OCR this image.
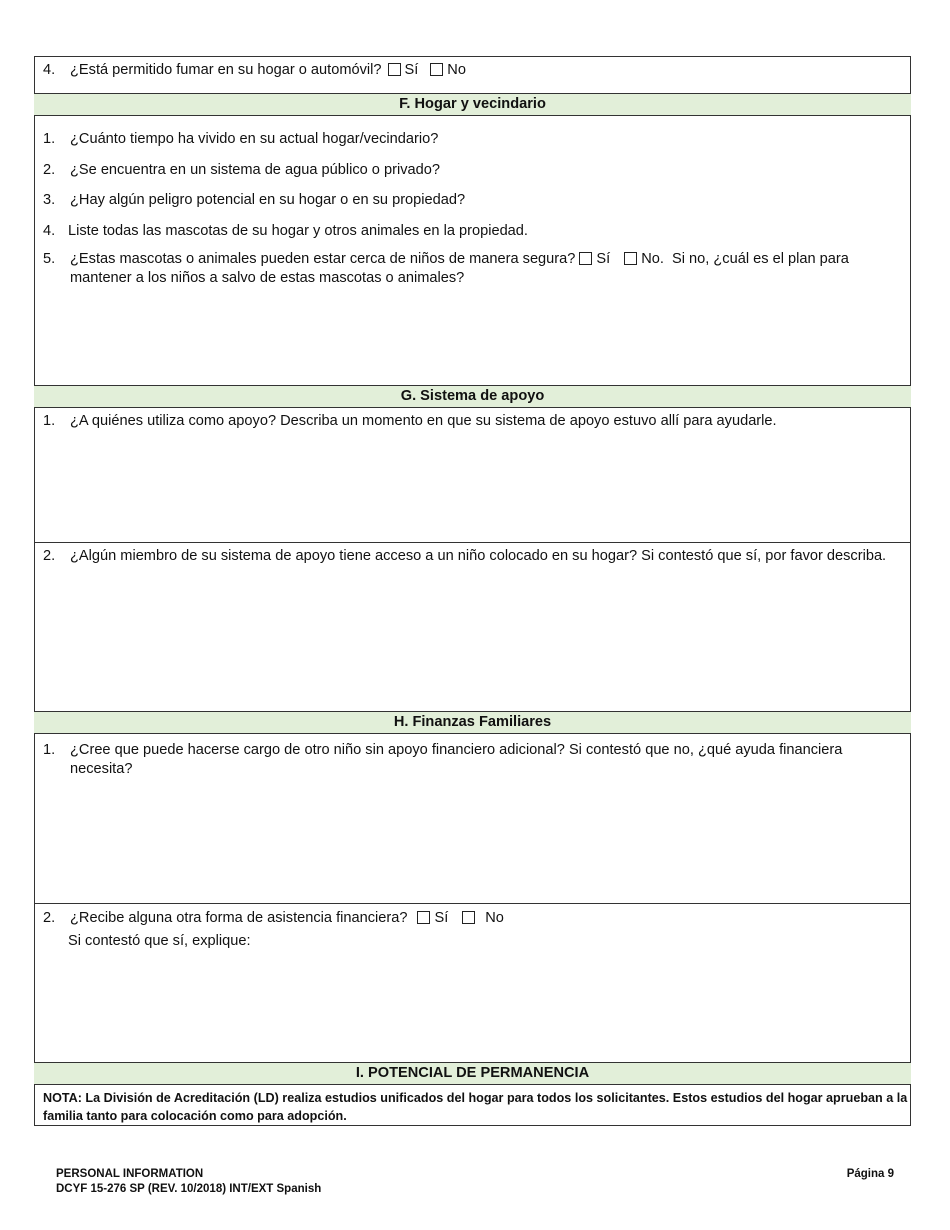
4. ¿Está permitido fumar en su hogar o automóvil? Sí No
F. Hogar y vecindario
1. ¿Cuánto tiempo ha vivido en su actual hogar/vecindario?
2. ¿Se encuentra en un sistema de agua público o privado?
3. ¿Hay algún peligro potencial en su hogar o en su propiedad?
4. Liste todas las mascotas de su hogar y otros animales en la propiedad.
5.	¿Estas mascotas o animales pueden estar cerca de niños de manera segura? Sí No. Si no, ¿cuál es el plan para mantener a los niños a salvo de estas mascotas o animales?
G. Sistema de apoyo
1. ¿A quiénes utiliza como apoyo? Describa un momento en que su sistema de apoyo estuvo allí para ayudarle.
2.	¿Algún miembro de su sistema de apoyo tiene acceso a un niño colocado en su hogar? Si contestó que sí, por favor describa.
H. Finanzas Familiares
1.	¿Cree que puede hacerse cargo de otro niño sin apoyo financiero adicional? Si contestó que no, ¿qué ayuda financiera necesita?
2. ¿Recibe alguna otra forma de asistencia financiera? Sí	No
Si contestó que sí, explique:
I. POTENCIAL DE PERMANENCIA
NOTA: La División de Acreditación (LD) realiza estudios unificados del hogar para todos los solicitantes. Estos estudios del hogar aprueban a la familia tanto para colocación como para adopción.
PERSONAL INFORMATION
DCYF 15-276 SP (REV. 10/2018) INT/EXT Spanish
Página 9
